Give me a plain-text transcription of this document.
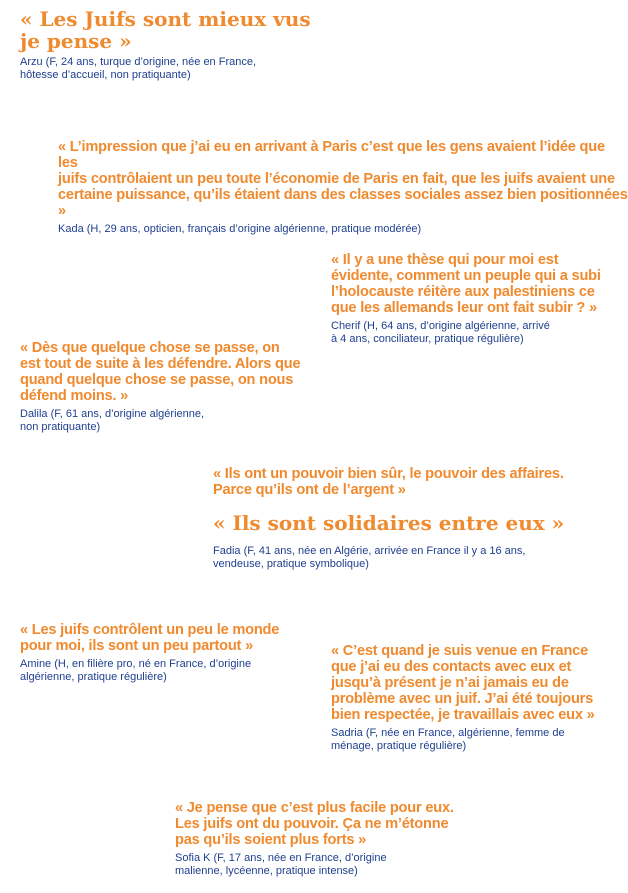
« Les Juifs sont mieux vus
je pense »

Arzu (F, 24 ans, turque d’origine, née en France,
hôtesse d’accueil, non pratiquante)

« L’impression que j’ai eu en arrivant à Paris c’est que les gens avaient l’idée que les
juifs contrôlaient un peu toute l’économie de Paris en fait, que les juifs avaient une
certaine puissance, qu’ils étaient dans des classes sociales assez bien positionnées »

Kada (H, 29 ans, opticien, français d’origine algérienne, pratique modérée)

« Il y a une thèse qui pour moi est
évidente, comment un peuple qui a subi
l’holocauste réitère aux palestiniens ce
que les allemands leur ont fait subir ? »

Cherif (H, 64 ans, d’origine algérienne, arrivé
à 4 ans, conciliateur, pratique régulière)

« Dès que quelque chose se passe, on
est tout de suite à les défendre. Alors que
quand quelque chose se passe, on nous
défend moins. »

Dalila (F, 61 ans, d’origine algérienne,
non pratiquante)

« Ils ont un pouvoir bien sûr, le pouvoir des affaires.
Parce qu’ils ont de l’argent »

« Ils sont solidaires entre eux »

Fadia (F, 41 ans, née en Algérie, arrivée en France il y a 16 ans,
vendeuse, pratique symbolique)

« Les juifs contrôlent un peu le monde
pour moi, ils sont un peu partout »

Amine (H, en filière pro, né en France, d’origine
algérienne, pratique régulière)

« C’est quand je suis venue en France
que j’ai eu des contacts avec eux et
jusqu’à présent je n’ai jamais eu de
problème avec un juif. J’ai été toujours
bien respectée, je travaillais avec eux »

Sadria (F, née en France, algérienne, femme de
ménage, pratique régulière)

« Je pense que c’est plus facile pour eux.
Les juifs ont du pouvoir. Ça ne m’étonne
pas qu’ils soient plus forts »

Sofia K (F, 17 ans, née en France, d’origine
malienne, lycéenne, pratique intense)
